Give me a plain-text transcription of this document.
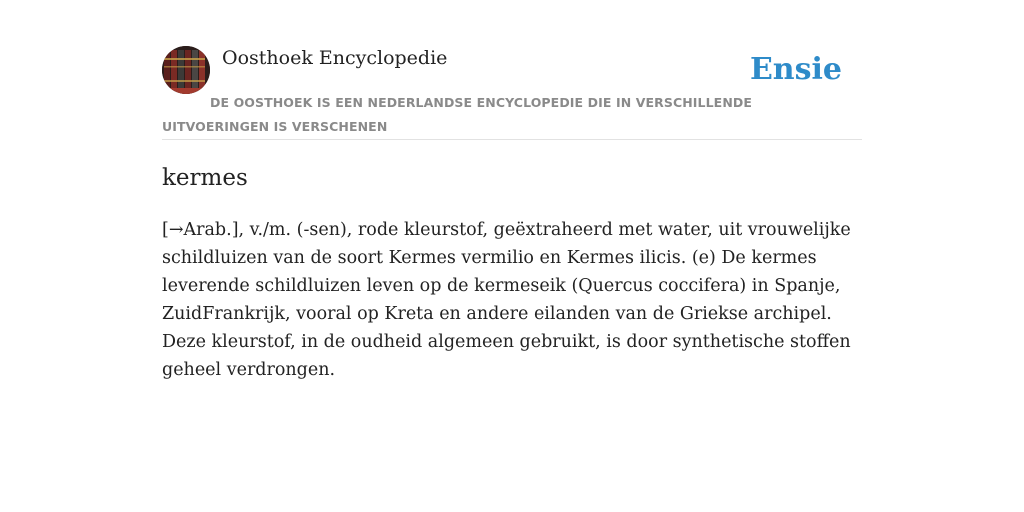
Oosthoek Encyclopedie	Ensie
DE OOSTHOEK IS EEN NEDERLANDSE ENCYCLOPEDIE DIE IN VERSCHILLENDE UITVOERINGEN IS VERSCHENEN
kermes

[→Arab.], v./m. (-sen), rode kleurstof, geëxtraheerd met water, uit vrouwelijke schildluizen van de soort Kermes vermilio en Kermes ilicis. (e) De kermes leverende schildluizen leven op de kermeseik (Quercus coccifera) in Spanje, ZuidFrankrijk, vooral op Kreta en andere eilanden van de Griekse archipel. Deze kleurstof, in de oudheid algemeen gebruikt, is door synthetische stoffen geheel verdrongen.
